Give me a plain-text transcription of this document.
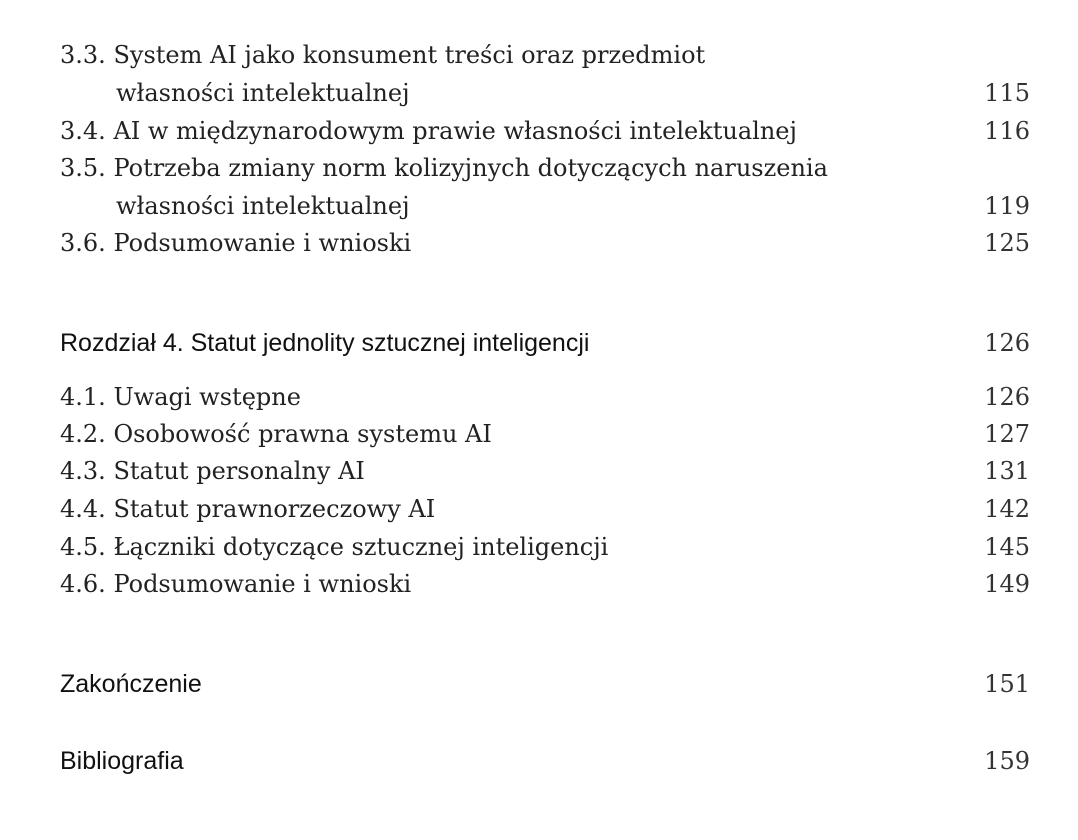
3.3. System AI jako konsument treści oraz przedmiot
własności intelektualnej	115
3.4. AI w międzynarodowym prawie własności intelektualnej	116
3.5. Potrzeba zmiany norm kolizyjnych dotyczących naruszenia
własności intelektualnej	119
3.6. Podsumowanie i wnioski	125
Rozdział 4. Statut jednolity sztucznej inteligencji	126
4.1. Uwagi wstępne	126
4.2. Osobowość prawna systemu AI	127
4.3. Statut personalny AI	131
4.4. Statut prawnorzeczowy AI	142
4.5. Łączniki dotyczące sztucznej inteligencji	145
4.6. Podsumowanie i wnioski	149
Zakończenie	151
Bibliografia	159
